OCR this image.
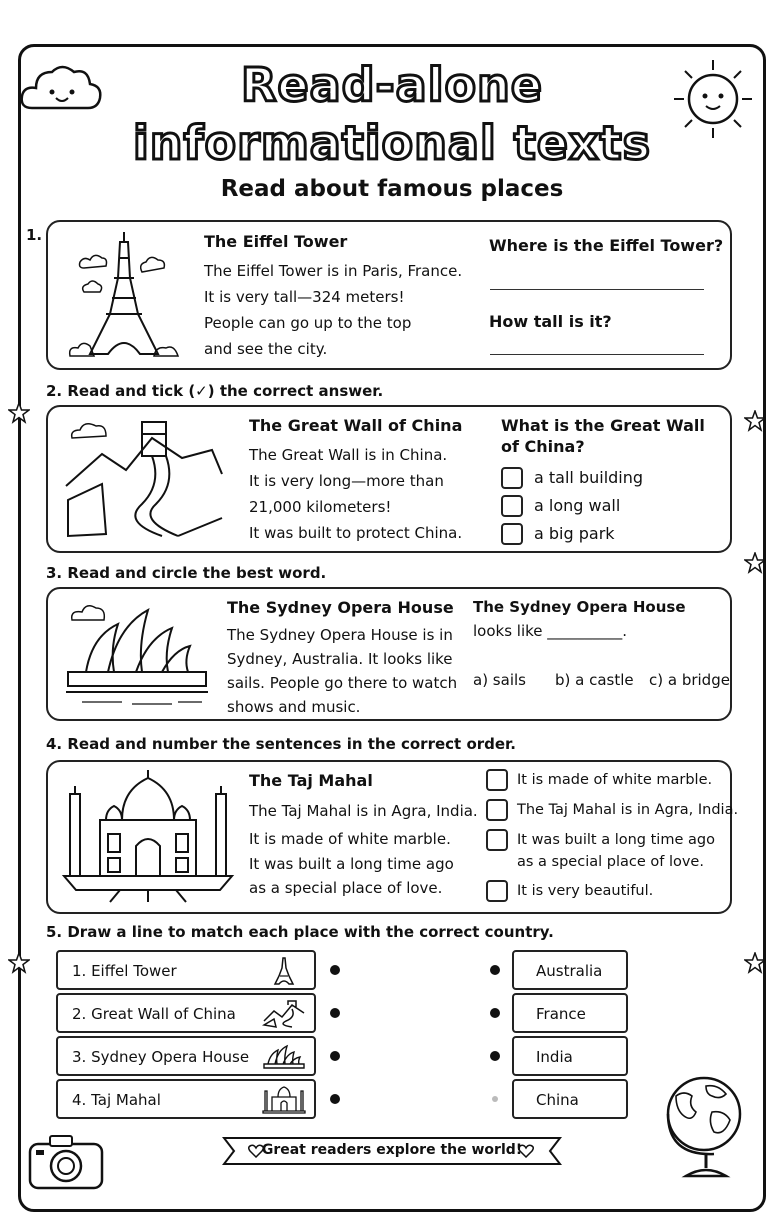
Read-alone
informational texts
Read about famous places
1.	The Eiffel Tower
The Eiffel Tower is in Paris, France.
It is very tall—324 meters!
People can go up to the top
and see the city.
Where is the Eiffel Tower?
How tall is it?
2. Read and tick (✓) the correct answer.
The Great Wall of China
The Great Wall is in China.
It is very long—more than
21,000 kilometers!
It was built to protect China.
What is the Great Wall
of China?
a tall building
a long wall
a big park
3. Read and circle the best word.
The Sydney Opera House
The Sydney Opera House is in
Sydney, Australia. It looks like
sails. People go there to watch
shows and music.
The Sydney Opera House
looks like __________.
a) sails b) a castle c) a bridge
4. Read and number the sentences in the correct order.
The Taj Mahal
The Taj Mahal is in Agra, India.
It is made of white marble.
It was built a long time ago
as a special place of love.
It is made of white marble.
The Taj Mahal is in Agra, India.
It was built a long time ago
as a special place of love.
It is very beautiful.
5. Draw a line to match each place with the correct country.
1. Eiffel Tower
2. Great Wall of China
3. Sydney Opera House
4. Taj Mahal
Australia
France
India
China
Great readers explore the world!
